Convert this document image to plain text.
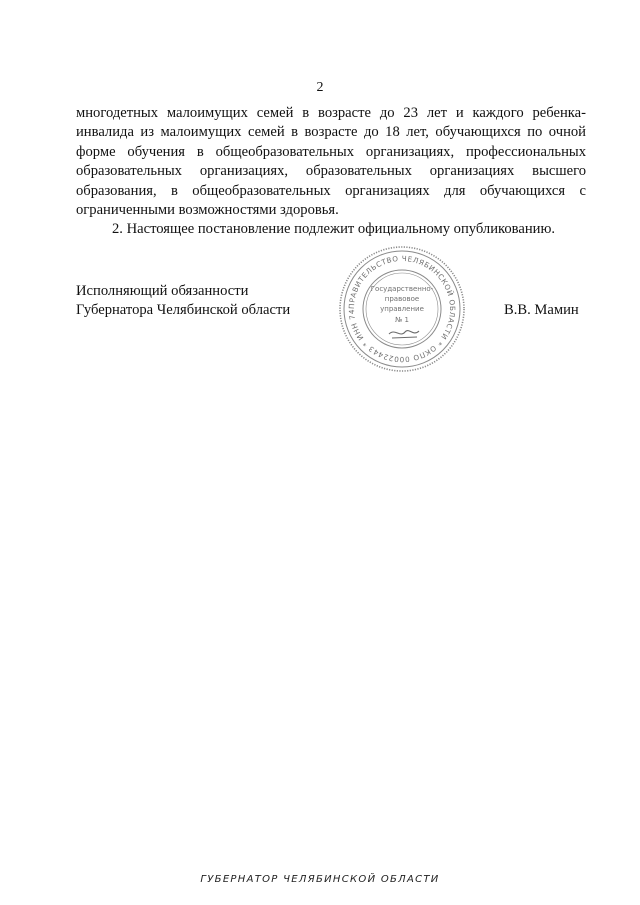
2

многодетных малоимущих семей в возрасте до 23 лет и каждого ребенка-инвалида из малоимущих семей в возрасте до 18 лет, обучающихся по очной форме обучения в общеобразовательных организациях, профессиональных образовательных организациях, образовательных организациях высшего образования, в общеобразовательных организациях для обучающихся с ограниченными возможностями здоровья.

2. Настоящее постановление подлежит официальному опубликованию.

Исполняющий обязанности
Губернатора Челябинской области	ПРАВИТЕЛЬСТВО ЧЕЛЯБИНСКОЙ ОБЛАСТИ * ОКПО 00022443 * ИНН 74
Государственно-
правовое
управление
№ 1
В.В. Мамин
ГУБЕРНАТОР ЧЕЛЯБИНСКОЙ ОБЛАСТИ
